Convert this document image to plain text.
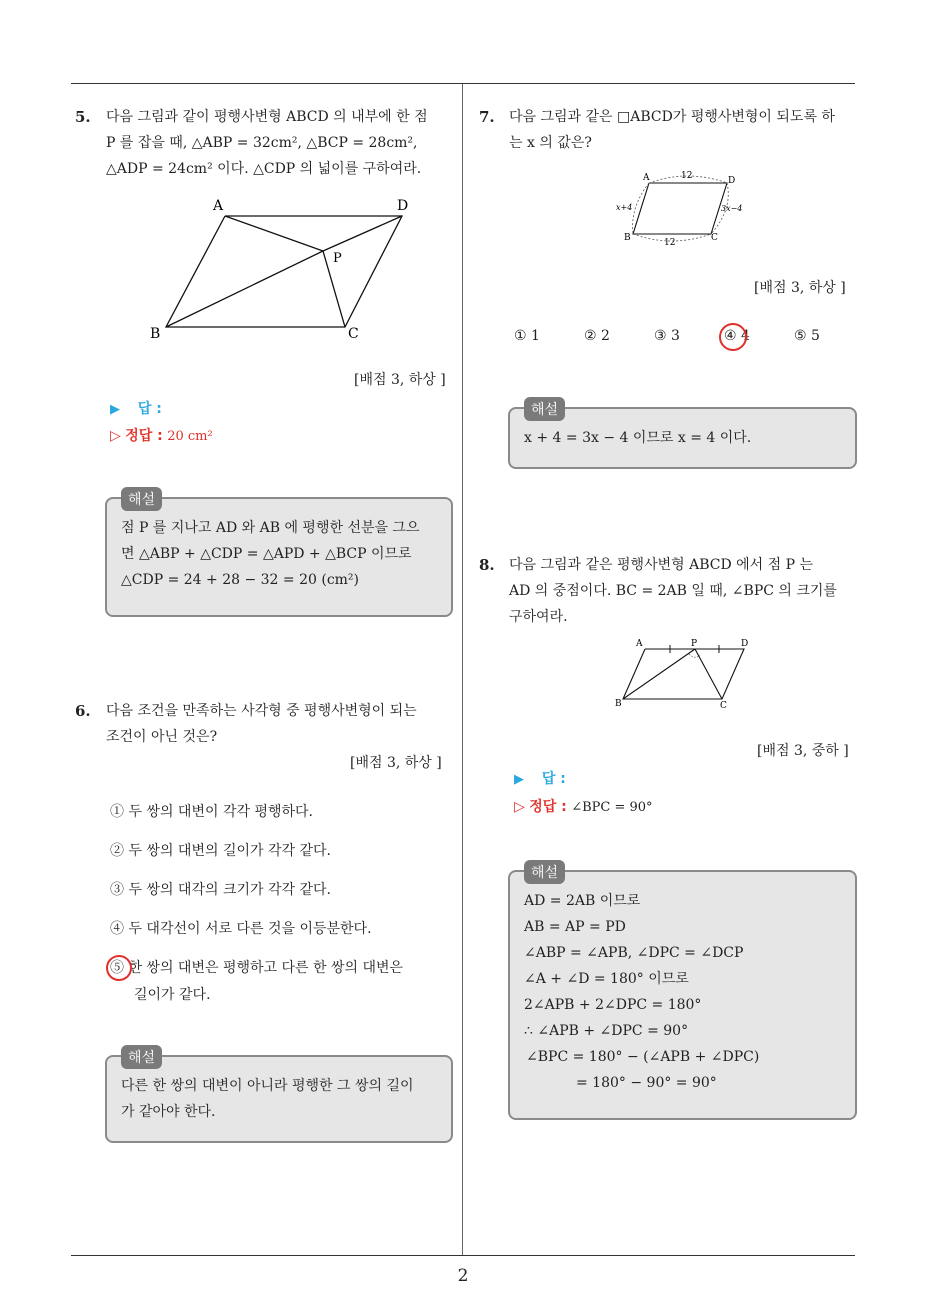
5. 다음 그림과 같이 평행사변형 ABCD 의 내부에 한 점
P 를 잡을 때, △ABP = 32cm², △BCP = 28cm²,
△ADP = 24cm² 이다. △CDP 의 넓이를 구하여라.
A	D
P
B	C
[배점 3, 하상 ]
▶ 답 :
▷ 정답 : 20 cm²
해설
점 P 를 지나고 AD 와 AB 에 평행한 선분을 그으
면 △ABP + △CDP = △APD + △BCP 이므로
△CDP = 24 + 28 − 32 = 20 (cm²)
6. 다음 조건을 만족하는 사각형 중 평행사변형이 되는
조건이 아닌 것은?
[배점 3, 하상 ]
① 두 쌍의 대변이 각각 평행하다.
② 두 쌍의 대변의 길이가 각각 같다.
③ 두 쌍의 대각의 크기가 각각 같다.
④ 두 대각선이 서로 다른 것을 이등분한다.
⑤ 한 쌍의 대변은 평행하고 다른 한 쌍의 대변은
길이가 같다.
해설
다른 한 쌍의 대변이 아니라 평행한 그 쌍의 길이
가 같아야 한다.
7. 다음 그림과 같은 □ABCD가 평행사변형이 되도록 하
는 x 의 값은?
A	D
B	C
12
12
x+4	3x−4
[배점 3, 하상 ]
① 1	② 2	③ 3	④ 4	⑤ 5
해설
x + 4 = 3x − 4 이므로 x = 4 이다.
8. 다음 그림과 같은 평행사변형 ABCD 에서 점 P 는
AD 의 중점이다. BC = 2AB 일 때, ∠BPC 의 크기를
구하여라.
A	P	D
B	C
[배점 3, 중하 ]
▶ 답 :
▷ 정답 : ∠BPC = 90°
해설
AD = 2AB 이므로
AB = AP = PD
∠ABP = ∠APB, ∠DPC = ∠DCP
∠A + ∠D = 180° 이므로
2∠APB + 2∠DPC = 180°
∴ ∠APB + ∠DPC = 90°
∠BPC = 180° − (∠APB + ∠DPC)
= 180° − 90° = 90°
2
